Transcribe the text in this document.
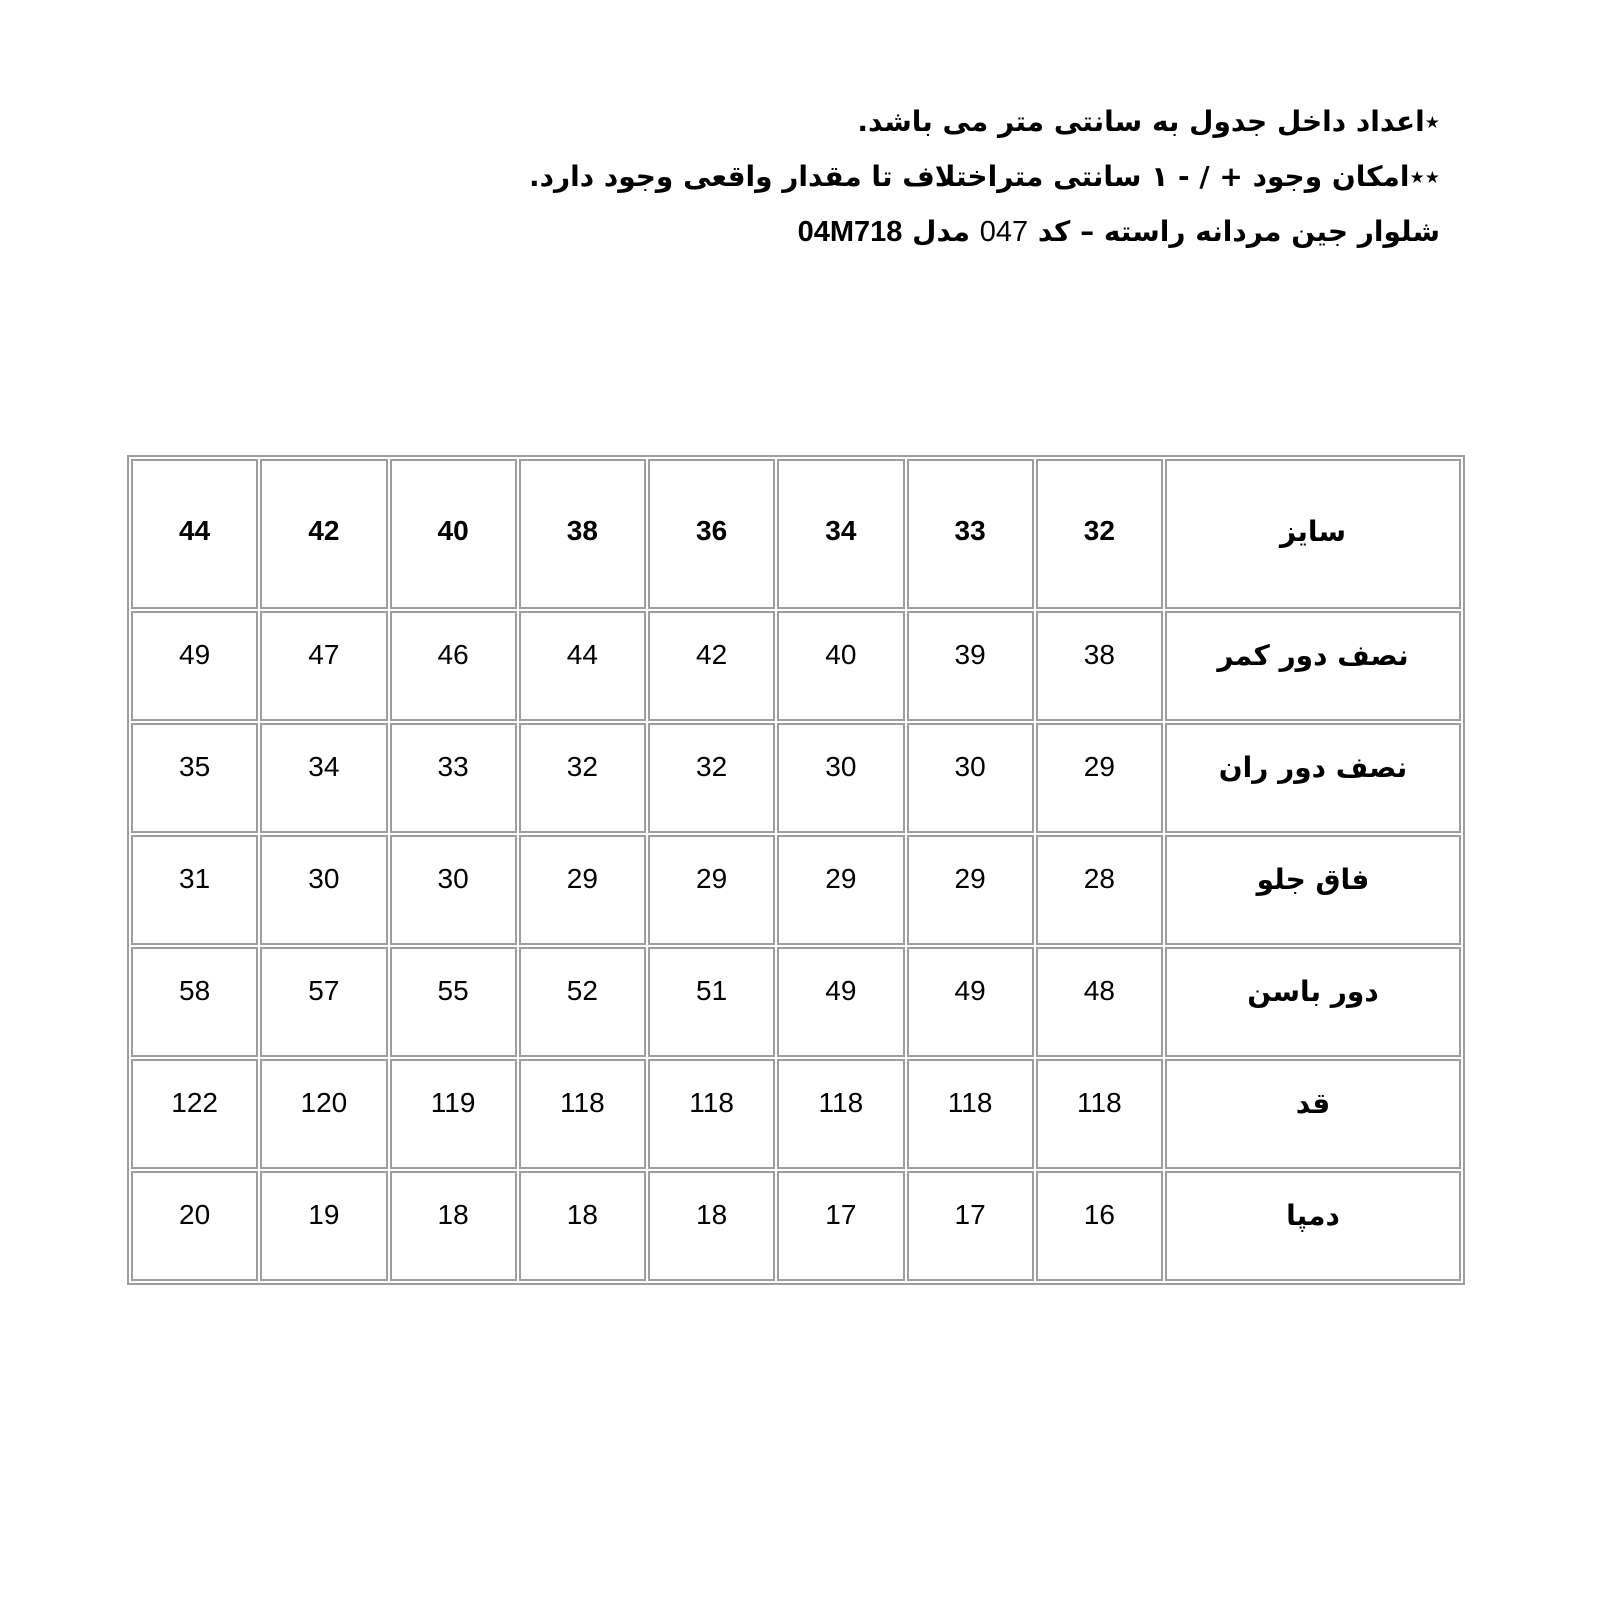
٭اعداد داخل جدول به سانتی متر می باشد.
٭٭امکان وجود + / - ۱ سانتی متراختلاف تا مقدار واقعی وجود دارد.
شلوار جین مردانه راسته – کد 047 مدل 04M718
سایز	32	33	34	36	38	40	42	44
نصف دور کمر	38	39	40	42	44	46	47	49
نصف دور ران	29	30	30	32	32	33	34	35
فاق جلو	28	29	29	29	29	30	30	31
دور باسن	48	49	49	51	52	55	57	58
قد	118	118	118	118	118	119	120	122
دمپا	16	17	17	18	18	18	19	20
